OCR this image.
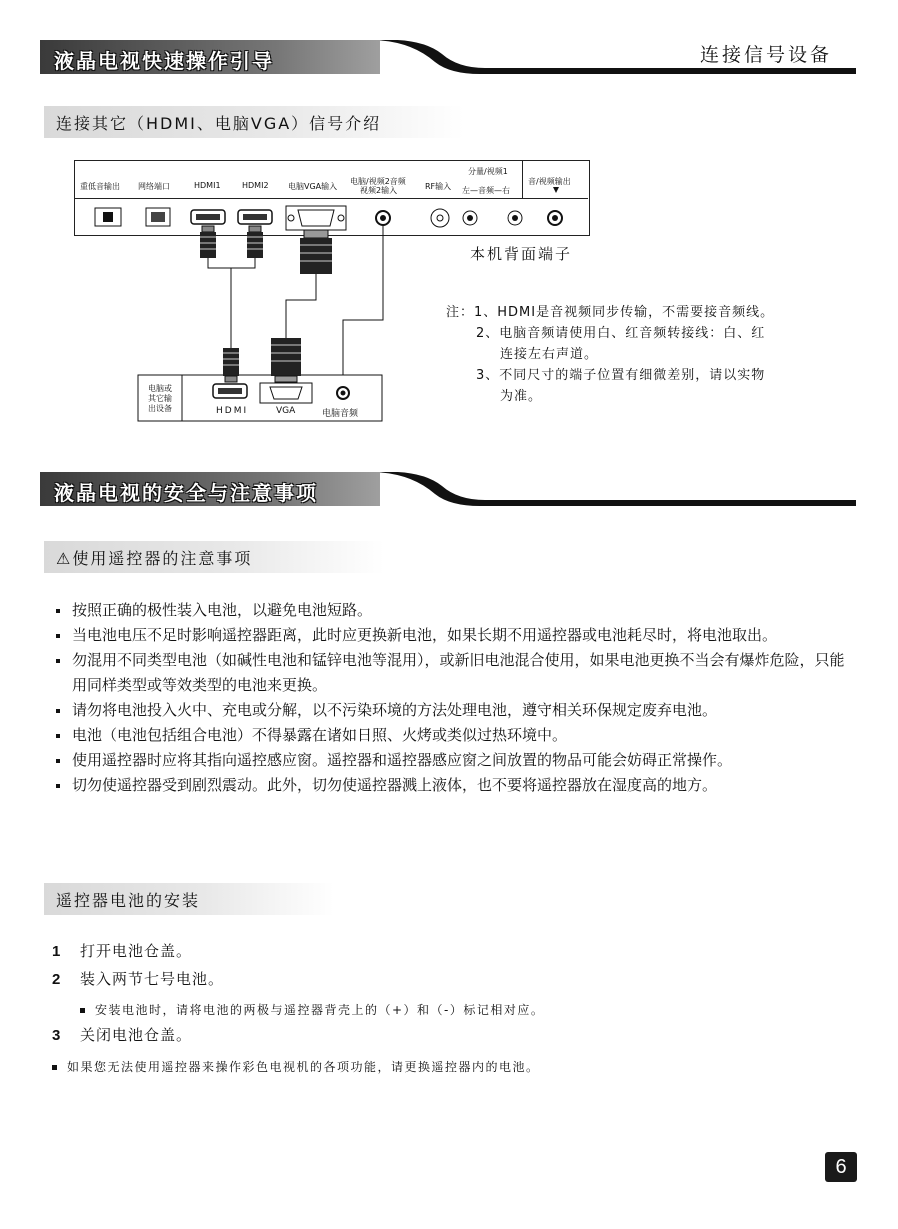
液晶电视快速操作引导	连接信号设备
连接其它（HDMI、电脑VGA）信号介绍
重低音输出 网络端口	HDMI1	HDMI2 电脑VGA输入
电脑/视频2音频
视频2输入	RF输入
分量/视频1
左—音频—右
音/视频输出
本机背面端子
电脑或
其它输
出设备	HDMI	VGA	电脑音频
注：1、HDMI是音视频同步传输，不需要接音频线。
2、电脑音频请使用白、红音频转接线：白、红
连接左右声道。
3、不同尺寸的端子位置有细微差别，请以实物
为准。
液晶电视的安全与注意事项
⚠使用遥控器的注意事项
按照正确的极性装入电池，以避免电池短路。
当电池电压不足时影响遥控器距离，此时应更换新电池，如果长期不用遥控器或电池耗尽时，将电池取出。
勿混用不同类型电池（如碱性电池和锰锌电池等混用），或新旧电池混合使用，如果电池更换不当会有爆炸危险，只能用同样类型或等效类型的电池来更换。
请勿将电池投入火中、充电或分解，以不污染环境的方法处理电池，遵守相关环保规定废弃电池。
电池（电池包括组合电池）不得暴露在诸如日照、火烤或类似过热环境中。
使用遥控器时应将其指向遥控感应窗。遥控器和遥控器感应窗之间放置的物品可能会妨碍正常操作。
切勿使遥控器受到剧烈震动。此外，切勿使遥控器溅上液体，也不要将遥控器放在湿度高的地方。
遥控器电池的安装
1 打开电池仓盖。
2 装入两节七号电池。
安装电池时，请将电池的两极与遥控器背壳上的（+）和（-）标记相对应。
3 关闭电池仓盖。
如果您无法使用遥控器来操作彩色电视机的各项功能，请更换遥控器内的电池。
6
